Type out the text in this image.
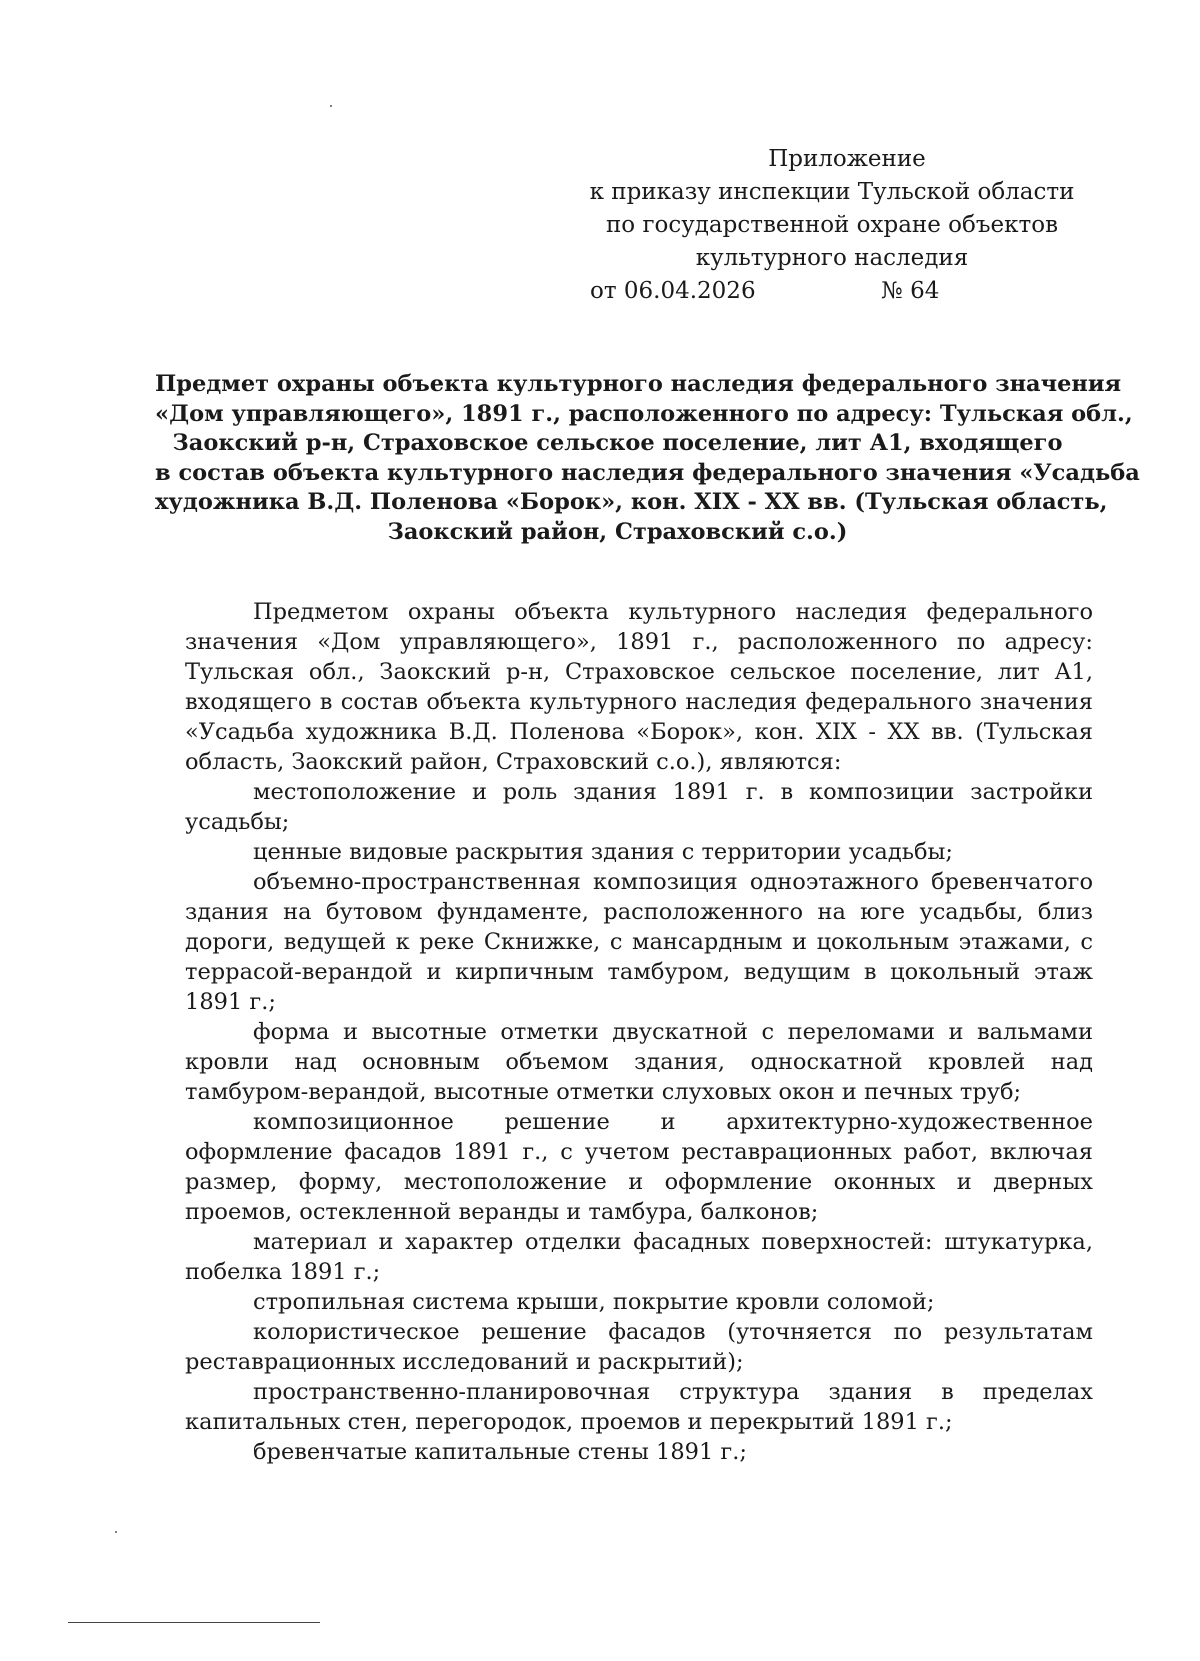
Приложение
к приказу инспекции Тульской области
по государственной охране объектов
культурного наследия
от 06.04.2026	№ 64
Предмет охраны объекта культурного наследия федерального значения
«Дом управляющего», 1891 г., расположенного по адресу: Тульская обл.,
Заокский р-н, Страховское сельское поселение, лит А1, входящего
в состав объекта культурного наследия федерального значения «Усадьба
художника В.Д. Поленова «Борок», кон. XIX - XX вв. (Тульская область,
Заокский район, Страховский с.о.)

Предметом охраны объекта культурного наследия федерального значения «Дом управляющего», 1891 г., расположенного по адресу: Тульская обл., Заокский р-н, Страховское сельское поселение, лит А1, входящего в состав объекта культурного наследия федерального значения «Усадьба художника В.Д. Поленова «Борок», кон. XIX - XX вв. (Тульская область, Заокский район, Страховский с.о.), являются:

местоположение и роль здания 1891 г. в композиции застройки усадьбы;

ценные видовые раскрытия здания с территории усадьбы;

объемно-пространственная композиция одноэтажного бревенчатого здания на бутовом фундаменте, расположенного на юге усадьбы, близ дороги, ведущей к реке Скнижке, с мансардным и цокольным этажами, с террасой-верандой и кирпичным тамбуром, ведущим в цокольный этаж 1891 г.;

форма и высотные отметки двускатной с переломами и вальмами кровли над основным объемом здания, односкатной кровлей над тамбуром-верандой, высотные отметки слуховых окон и печных труб;

композиционное решение и архитектурно-художественное оформление фасадов 1891 г., с учетом реставрационных работ, включая размер, форму, местоположение и оформление оконных и дверных проемов, остекленной веранды и тамбура, балконов;

материал и характер отделки фасадных поверхностей: штукатурка, побелка 1891 г.;

стропильная система крыши, покрытие кровли соломой;

колористическое решение фасадов (уточняется по результатам реставрационных исследований и раскрытий);

пространственно-планировочная структура здания в пределах капитальных стен, перегородок, проемов и перекрытий 1891 г.;

бревенчатые капитальные стены 1891 г.;
